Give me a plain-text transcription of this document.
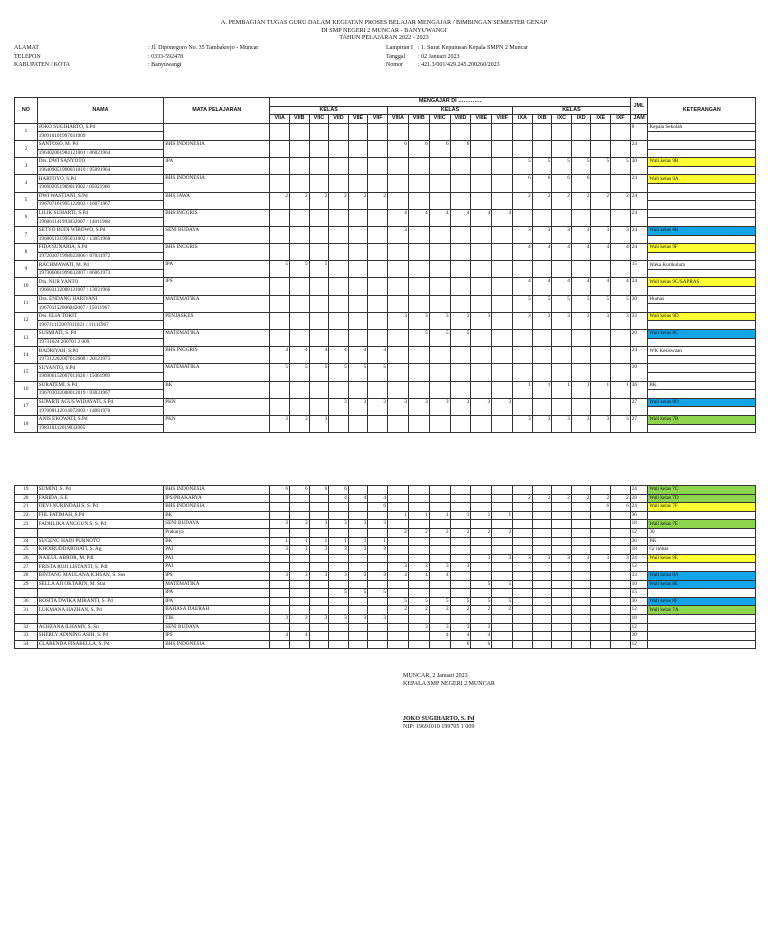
A. PEMBAGIAN TUGAS GURU DALAM KEGIATAN PROSES BELAJAR MENGAJAR / BIMBINGAN SEMESTER GENAP
DI SMP NEGERI 2 MUNCAR - BANYUWANGI
TAHUN PELAJARAN 2022 - 2023
ALAMAT	: Jl. Diponegoro No. 35 Tambakrejo - Muncar
TELEPON	: 0333-592478
KABUPATEN / KOTA	: Banyuwangi
Lampiran I : 1. Surat Keputusan Kepala SMPN 2 Muncar
Tanggal : 02 Januari 2023
Nomor	: 421.3/001/429.245.200260/2023
NO	NAMA	MATA PELAJARAN	MENGAJAR DI ………….																		JML	KETERANGAN
			KELAS						KELAS						KELAS							
			VIIA	VIIB	VIIC	VIID	VIIE	VIIF	VIIIA	VIIIB	VIIIC	VIIID	VIIIE	VIIIF	IXA	IXB	IXC	IXD	IXE	IXF	JAM	
1	JOKO SUGIHARTO, S.Pd																				0	Kepala Sekolah
	196910101997031009																					
2	SANTOSO, M. Pd	BHS INDONESIA							6	6	6	6									24	
	196402061984121001 / 06021964																					
3	Drs. DWI SANYOTO	IPA													5	5	5	5	5	5	30	Wali kelas 9B
	196409051990031010 / 05091964																					
4	HARTOYO, S.Pd	BHS INDONESIA													6	6	6	6			24	Wali kelas 9A
	196602051989011002 / 05021966																					
5	DWI WASTIANI, S.Pd	BHS JAWA	2	2	2	2	2	2							2	2	2	2	2	2	24	
	196707161995122002 / 16071967																					
6	LILIK SUHARTI, S.Pd	BHS INGGRIS							4	4	4	4	4	4							24	
	196801141993032007 / 14011968																					
7	SETYO BUDI WIBOWO, S.Pd	SENI BUDAYA							3						3	3	3	3	3	3	24	Wali kelas 8B
	196805131995031002 / 13051968																					
8	FIDA SUNARIA, S.Pd	BHS INGGRIS													4	4	4	4	4	4	24	Wali kelas 9F
	197203071998022006 / 07031972																					
9	RACHMAWATI, M. Pd	IPA	5	5	5																15	Waka Kurikulum
	197306061999032007 / 06061973																					
10	Drs. NUR YANTO	IPS													4	4	4	4	4	4	24	Wali kelas 9C/SAPRAS
	196603132000121007 / 13031966																					
11	Dra. ENDANG HARIYANI	MATEMATIKA													5	5	5	5	5	5	30	Humas
	196701152006042007 / 15011967																					
12	Drs. ELIA TOKIT	PENJASKES							3	3	3	3	3		3	3	3	3	3	3	33	Wali kelas 9D
	196711112007011021 / 11111967																					
13	SUSMIATI, S. Pd	MATEMATIKA								5	5	5									20	Wali kelas 8C
	19731024 200701 2 009																					
14	BADRIYAH, S.Pd	BHS INGGRIS	4	4	4	4	4	4													24	WK Kesiswaan
	197312202007012008 / 20121973																					
15	SUYANTO, S.Pd	MATEMATIKA	5	5	5	5	5	5													30	
	196906152007011026 / 15061969																					
16	SURATEMI, S.Pd	BK													1	1	1	1	1	1	36	BK
	196703032008012019 / 03031967																					
17	SUPARTI AGUS WIDAYATI, S.Pd	PKN				3	3	3	3	3	3	3	3	3							27	Wali kelas 8D
	197008142014072002 / 14081970																					
18	ANIS EKOWATI, S.Pd	PKN	3	3	3										3	3	3	3	3	3	27	Wali kelas 7B
	198310112019032005																					
19	SUMINI, S. Pd	BHS INDONESIA	6	6	6	6															24	Wali kelas 7C
20	FARIDA, S.E	IPS/PRAKARYA				4	4	4							2	2	2	2	2	2	28	Wali kelas 7D
21	DEVI NURINDAH S, S. Pd	BHS INDONESIA						6											6	6	24	Wali kelas 7F
22	FIIL FATIMAH, S.Pd	BK							1	1	1	1	1	1							36	
23	FADHLIKA ANGGUN S, S. Pd	SENI BUDAYA	3	3	3	3	3	3													18	Wali kelas 7E
		Prakarya							2	2	2	2	2	2							12	30
24	SUGENG HADI PURNOTO	BK	1	1	1	1	1	1													36	BK
25	KHOIRUDDAROIATI, S. Ag	PAI	3	3	3	3	3	3													18	Gr imbas
26	NAILUL ABROR, M. PdI	PAI											3	3	3	3	3	3	3	3	24	Wali kelas 9E
27	FRISTA ROJI LISTANTI, S. PdI	PAI							3	3	3	3									12	
28	BINTANG MAULANA ICHSAN, S. Sos	IPS	3	3	3	3	3	3	4	4	4										33	Wali kelas 8A
29	SELLA AJI OKTARIN, M. Stat	MATEMATIKA											5	5							10	Wali kelas 8E
		IPA				5	5	5													15	
30	ROSITA DWIKA MIRANTI, S. Pd	IPA							5	5	5	5	5	5							30	Wali kelas 8F
31	LUKMANA HAZHAN, S. Pd	BAHASA DAERAH							2	2	2	2	2	2							12	Wali kelas 7A
		TIK	3	3	3	3	3	3													18	
32	ACHZANA ILHAMY, S. Sn	SENI BUDAYA								3	3	3	3								12	
33	SHERLY ADINING ASIH, S. Pd	IPS	4	4							4	4	4								20	
34	CLARENDA FISABELLA, S. Pd	BHS INDONESIA										6	6								12	
MUNCAR, 2 Januari 2023
KEPALA SMP NEGERI 2 MUNCAR
JOKO SUGIHARTO, S. Pd
NIP: 19691010 199705 1 009
